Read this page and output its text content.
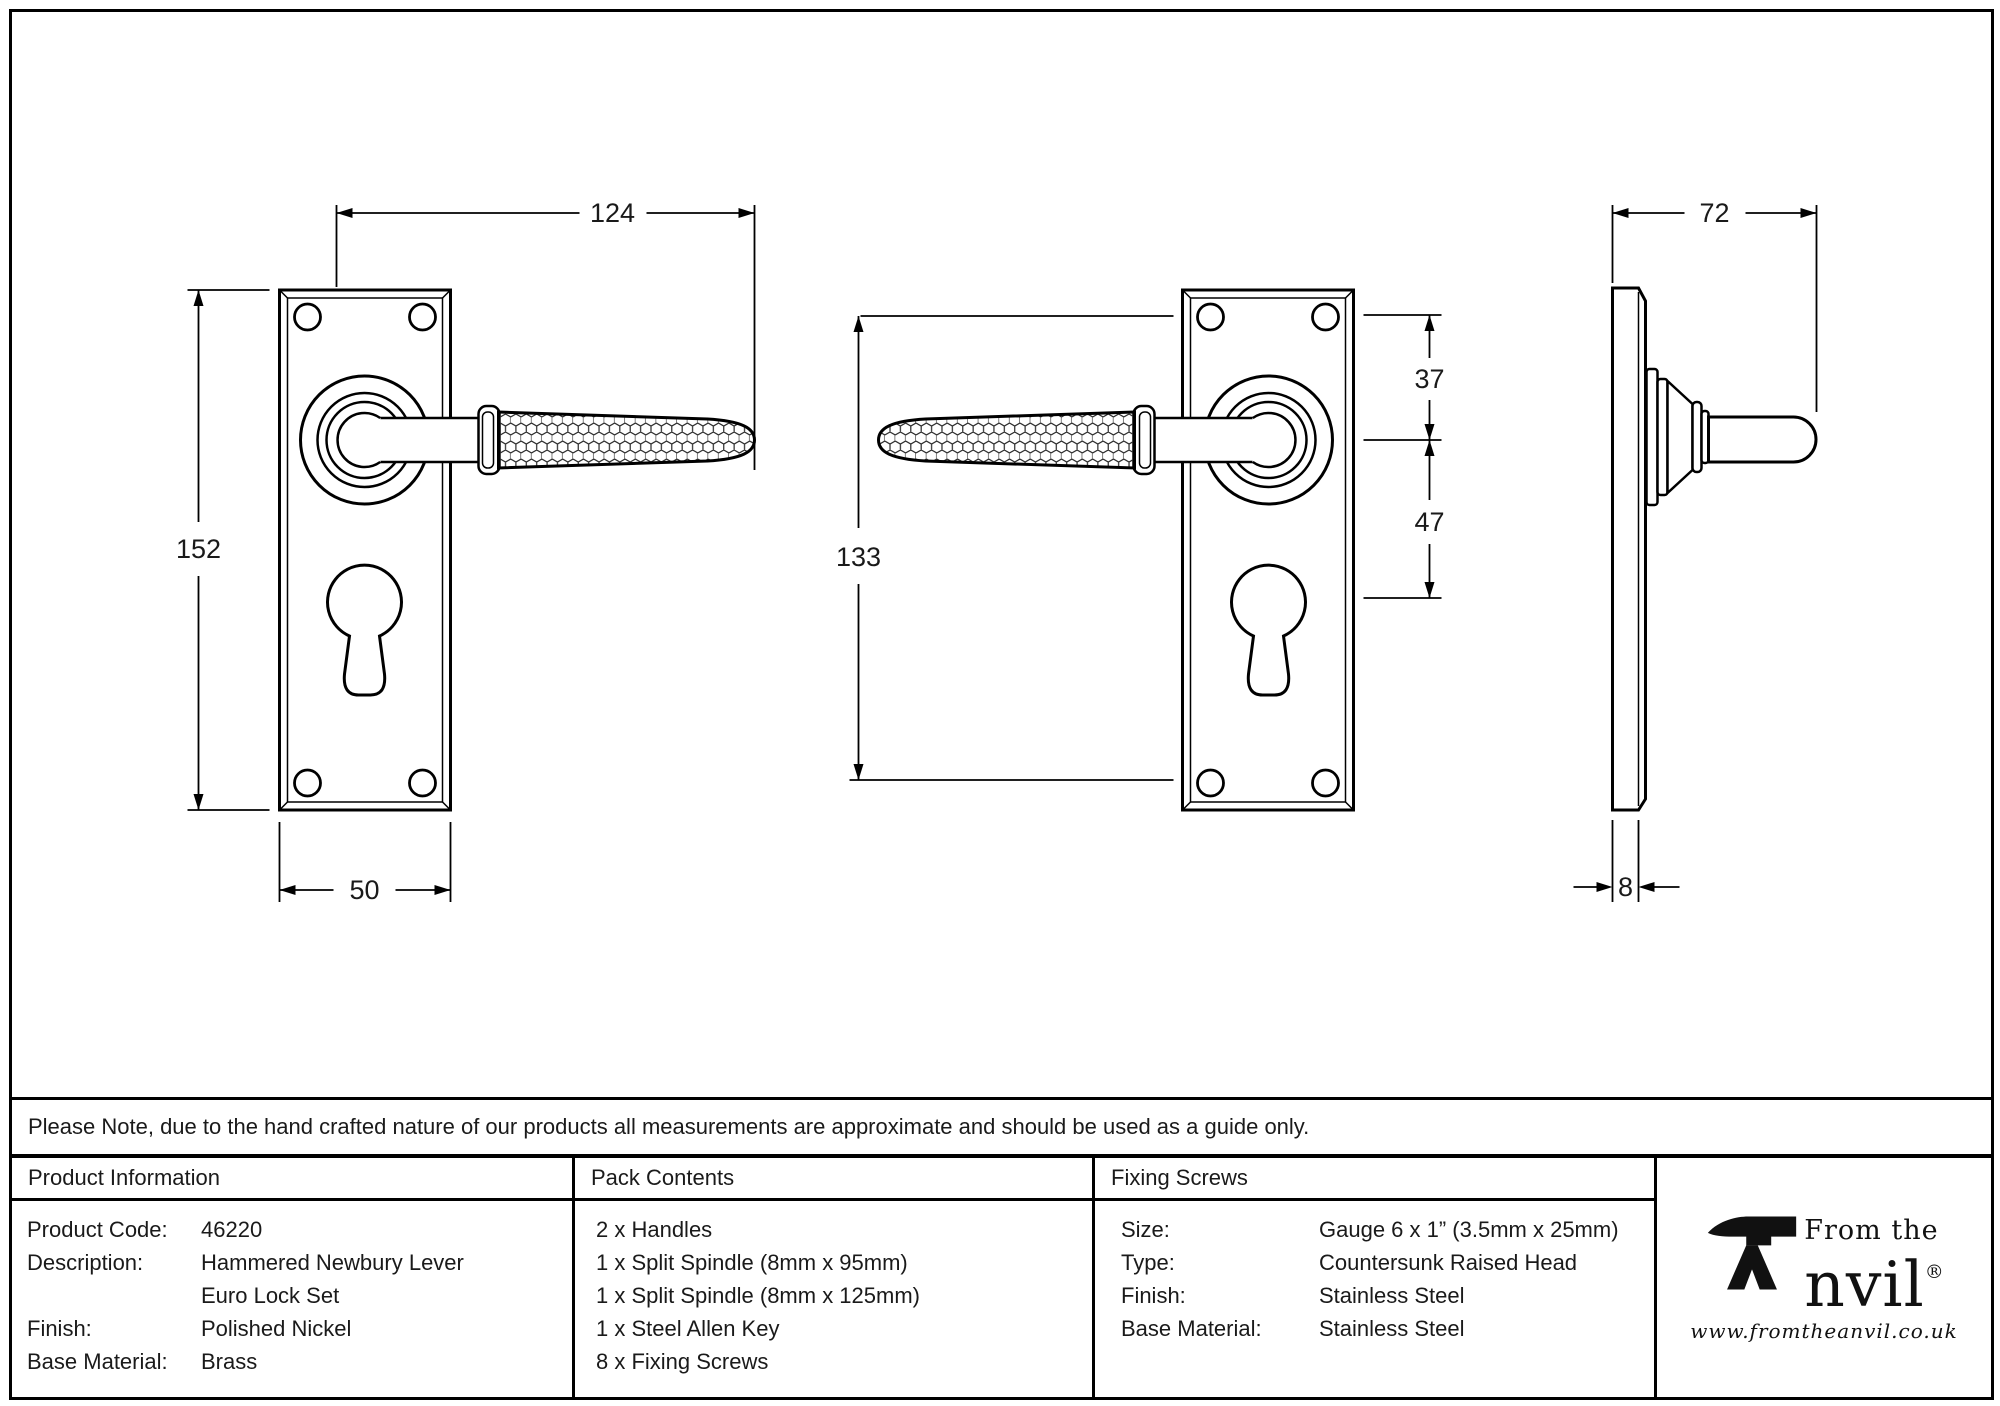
124
152
50
133
37
47
72
8
Please Note, due to the hand crafted nature of our products all measurements are approximate and should be used as a guide only.
Product Information
Product Code:	46220
Description:	Hammered Newbury Lever
Euro Lock Set
Finish:	Polished Nickel
Base Material:	Brass
Pack Contents
2 x Handles
1 x Split Spindle (8mm x 95mm)
1 x Split Spindle (8mm x 125mm)
1 x Steel Allen Key
8 x Fixing Screws
Fixing Screws
Size:	Gauge 6 x 1” (3.5mm x 25mm)
Type:	Countersunk Raised Head
Finish:	Stainless Steel
Base Material:	Stainless Steel
From the
nvil®
www.fromtheanvil.co.uk
